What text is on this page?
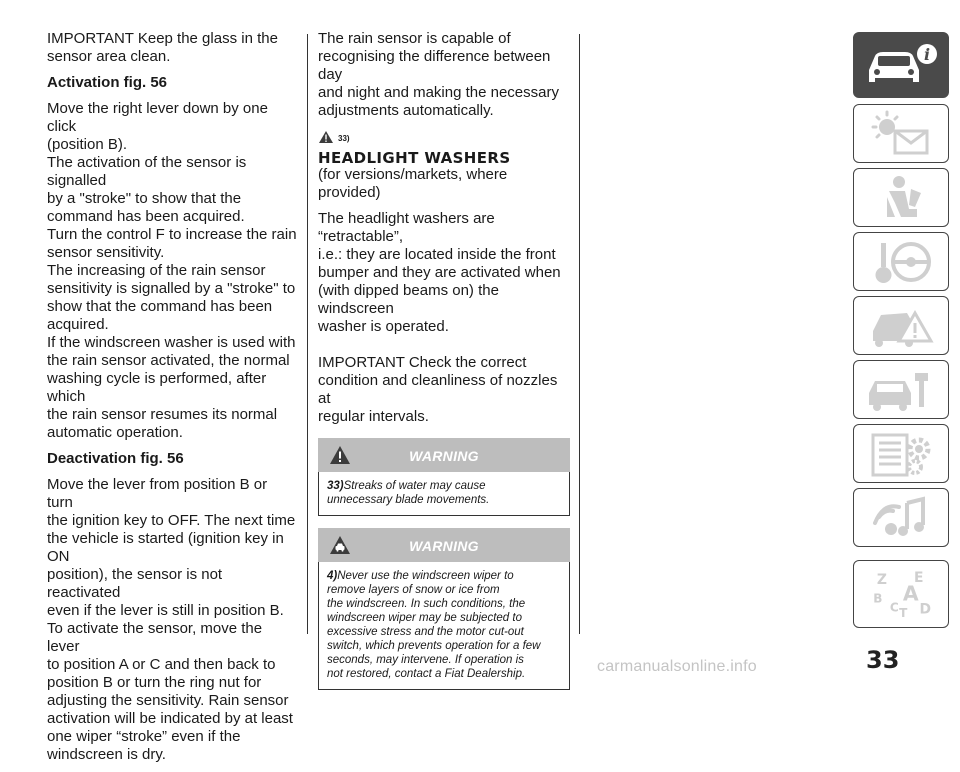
IMPORTANT Keep the glass in the
sensor area clean.
Activation fig. 56
Move the right lever down by one click
(position B).
The activation of the sensor is signalled
by a "stroke" to show that the
command has been acquired.
Turn the control F to increase the rain
sensor sensitivity.
The increasing of the rain sensor
sensitivity is signalled by a "stroke" to
show that the command has been
acquired.
If the windscreen washer is used with
the rain sensor activated, the normal
washing cycle is performed, after which
the rain sensor resumes its normal
automatic operation.
Deactivation fig. 56
Move the lever from position B or turn
the ignition key to OFF. The next time
the vehicle is started (ignition key in ON
position), the sensor is not reactivated
even if the lever is still in position B.
To activate the sensor, move the lever
to position A or C and then back to
position B or turn the ring nut for
adjusting the sensitivity. Rain sensor
activation will be indicated by at least
one wiper “stroke” even if the
windscreen is dry.
The rain sensor is capable of
recognising the difference between day
and night and making the necessary
adjustments automatically.
33)
HEADLIGHT WASHERS
(for versions/markets, where provided)
The headlight washers are “retractable”,
i.e.: they are located inside the front
bumper and they are activated when
(with dipped beams on) the windscreen
washer is operated.
IMPORTANT Check the correct
condition and cleanliness of nozzles at
regular intervals.
WARNING
33)Streaks of water may cause
unnecessary blade movements.
WARNING
4)Never use the windscreen wiper to
remove layers of snow or ice from
the windscreen. In such conditions, the
windscreen wiper may be subjected to
excessive stress and the motor cut-out
switch, which prevents operation for a few
seconds, may intervene. If operation is
not restored, contact a Fiat Dealership.
i
Z E
A
B
C D
T
33
carmanualsonline.info
